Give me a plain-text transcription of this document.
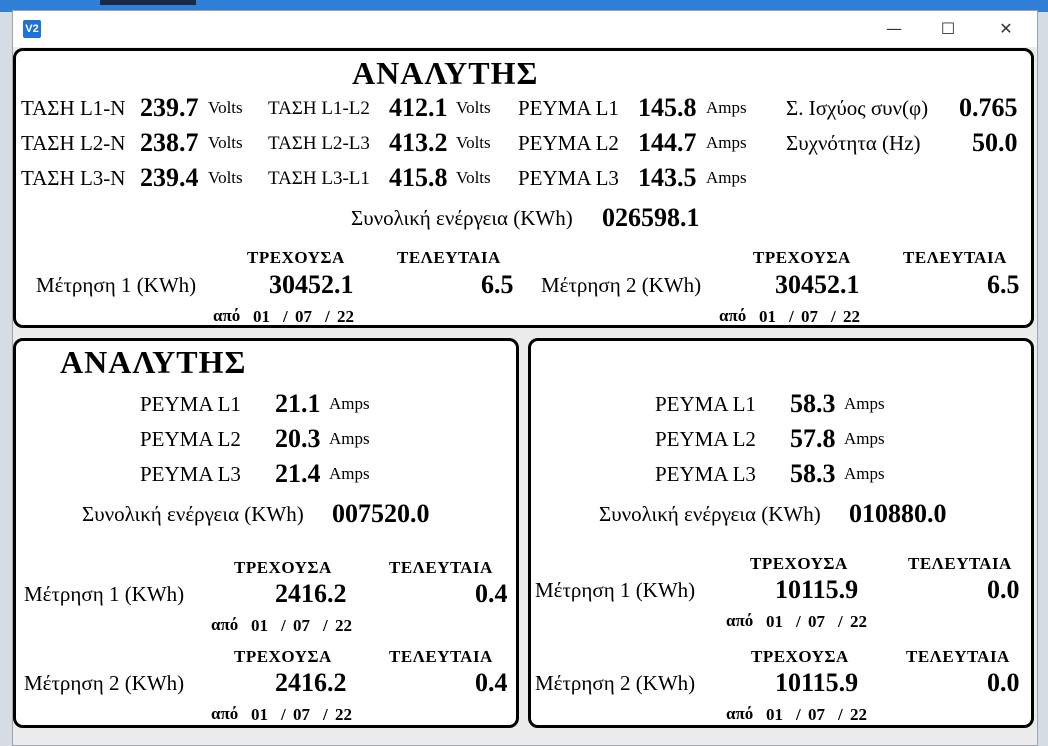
V2	—	☐	✕
ΑΝΑΛΥΤΗΣ
ΤΑΣΗ L1-N 239.7 Volts
ΤΑΣΗ L2-N 238.7 Volts
ΤΑΣΗ L3-N 239.4 Volts
ΤΑΣΗ L1-L2 412.1 Volts
ΤΑΣΗ L2-L3 413.2 Volts
ΤΑΣΗ L3-L1 415.8 Volts
ΡΕΥΜΑ L1 145.8 Amps
ΡΕΥΜΑ L2 144.7 Amps
ΡΕΥΜΑ L3 143.5 Amps
Σ. Ισχύος συν(φ) 0.765
Συχνότητα (Hz) 50.0
Συνολική ενέργεια (KWh) 026598.1
ΤΡΕΧΟΥΣΑ	ΤΕΛΕΥΤΑΙΑ
Μέτρηση 1 (KWh)	30452.1	6.5
από 01 / 07 / 22
ΤΡΕΧΟΥΣΑ	ΤΕΛΕΥΤΑΙΑ
Μέτρηση 2 (KWh)	30452.1	6.5
από 01 / 07 / 22
ΑΝΑΛΥΤΗΣ
ΡΕΥΜΑ L1 21.1 Amps
ΡΕΥΜΑ L2 20.3 Amps
ΡΕΥΜΑ L3 21.4 Amps
Συνολική ενέργεια (KWh) 007520.0
ΤΡΕΧΟΥΣΑ	ΤΕΛΕΥΤΑΙΑ
Μέτρηση 1 (KWh)	2416.2	0.4
από 01 / 07 / 22
ΤΡΕΧΟΥΣΑ	ΤΕΛΕΥΤΑΙΑ
Μέτρηση 2 (KWh)	2416.2	0.4
από 01 / 07 / 22
ΡΕΥΜΑ L1 58.3 Amps
ΡΕΥΜΑ L2 57.8 Amps
ΡΕΥΜΑ L3 58.3 Amps
Συνολική ενέργεια (KWh) 010880.0
ΤΡΕΧΟΥΣΑ	ΤΕΛΕΥΤΑΙΑ
Μέτρηση 1 (KWh)	10115.9	0.0
από 01 / 07 / 22
ΤΡΕΧΟΥΣΑ	ΤΕΛΕΥΤΑΙΑ
Μέτρηση 2 (KWh)	10115.9	0.0
από 01 / 07 / 22
